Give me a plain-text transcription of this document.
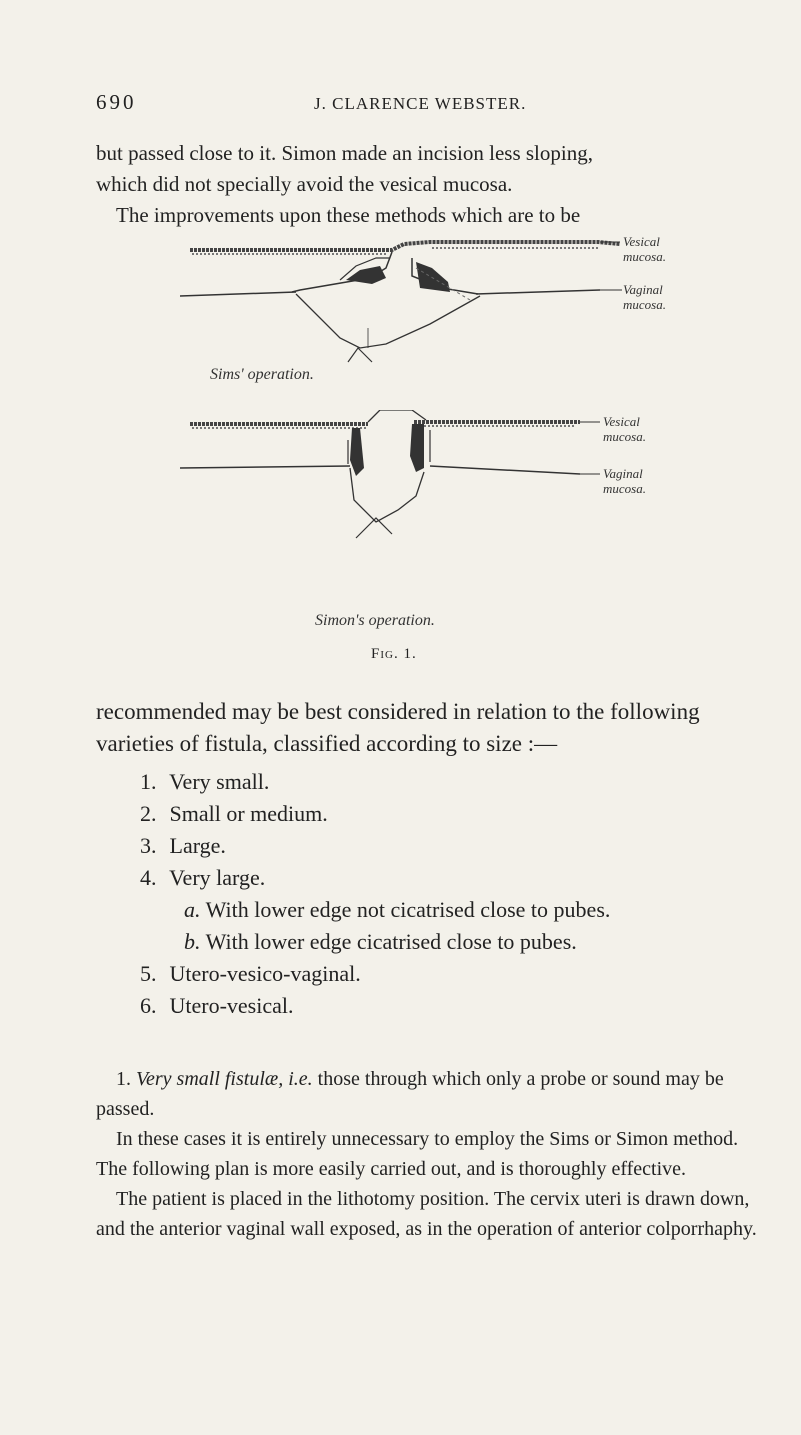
690	J. CLARENCE WEBSTER.

but passed close to it. Simon made an incision less sloping,
which did not specially avoid the vesical mucosa.
The improvements upon these methods which are to be

Vesical
mucosa.
Vaginal
mucosa.
Sims' operation.
Vesical
mucosa.
Vaginal
mucosa.
Simon's operation.
Fig. 1.

recommended may be best considered in relation to the following varieties of fistula, classified according to size :—

1. Very small.
2. Small or medium.
3. Large.
4. Very large.
a. With lower edge not cicatrised close to pubes.
b. With lower edge cicatrised close to pubes.
5. Utero-vesico-vaginal.
6. Utero-vesical.

1. Very small fistulæ, i.e. those through which only a probe or sound may be passed.

In these cases it is entirely unnecessary to employ the Sims or Simon method. The following plan is more easily carried out, and is thoroughly effective.

The patient is placed in the lithotomy position. The cervix uteri is drawn down, and the anterior vaginal wall exposed, as in the operation of anterior colporrhaphy.
